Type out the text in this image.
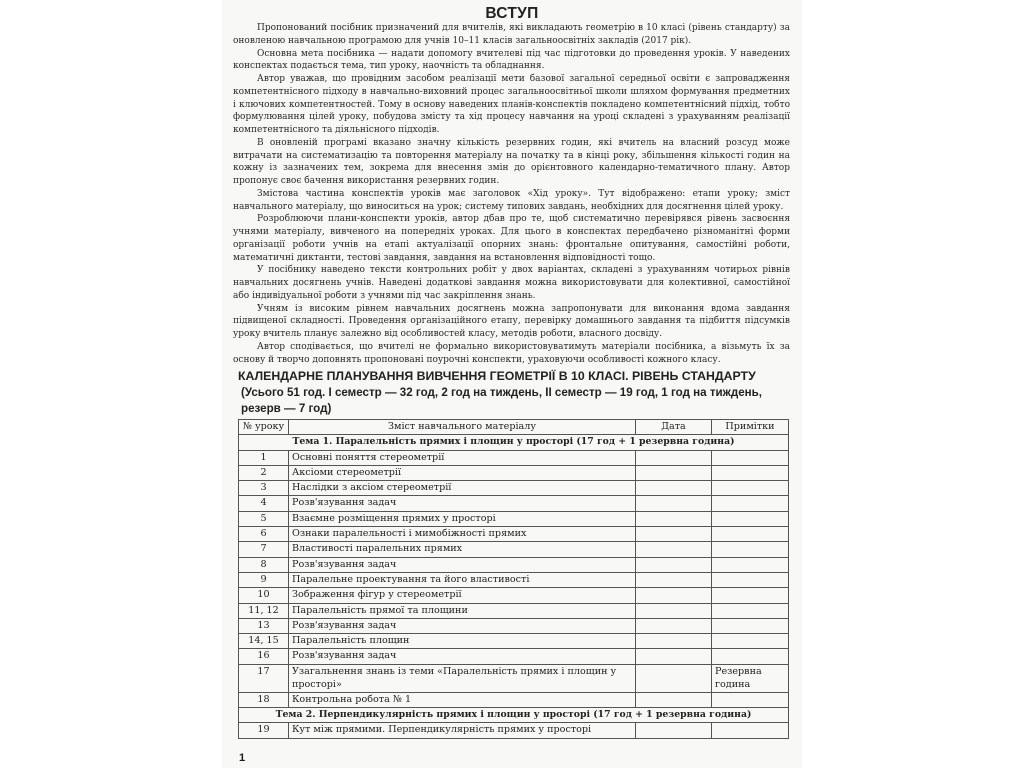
ВСТУП

Пропонований посібник призначений для вчителів, які викладають геометрію в 10 класі (рівень стандарту) за оновленою навчальною програмою для учнів 10–11 класів загальноосвітніх закладів (2017 рік).

Основна мета посібника — надати допомогу вчителеві під час підготовки до проведення уроків. У наведених конспектах подається тема, тип уроку, наочність та обладнання.

Автор уважав, що провідним засобом реалізації мети базової загальної середньої освіти є запровадження компетентнісного підходу в навчально-виховний процес загальноосвітньої школи шляхом формування предметних і ключових компетентностей. Тому в основу наведених планів-конспектів покладено компетентнісний підхід, тобто формулювання цілей уроку, побудова змісту та хід процесу навчання на уроці складені з урахуванням реалізації компетентнісного та діяльнісного підходів.

В оновленій програмі вказано значну кількість резервних годин, які вчитель на власний розсуд може витрачати на систематизацію та повторення матеріалу на початку та в кінці року, збільшення кількості годин на кожну із зазначених тем, зокрема для внесення змін до орієнтовного календарно-тематичного плану. Автор пропонує своє бачення використання резервних годин.

Змістова частина конспектів уроків має заголовок «Хід уроку». Тут відображено: етапи уроку; зміст навчального матеріалу, що виноситься на урок; систему типових завдань, необхідних для досягнення цілей уроку.

Розроблюючи плани-конспекти уроків, автор дбав про те, щоб систематично перевірявся рівень засвоєння учнями матеріалу, вивченого на попередніх уроках. Для цього в конспектах передбачено різноманітні форми організації роботи учнів на етапі актуалізації опорних знань: фронтальне опитування, самостійні роботи, математичні диктанти, тестові завдання, завдання на встановлення відповідності тощо.

У посібнику наведено тексти контрольних робіт у двох варіантах, складені з урахуванням чотирьох рівнів навчальних досягнень учнів. Наведені додаткові завдання можна використовувати для колективної, самостійної або індивідуальної роботи з учнями під час закріплення знань.

Учням із високим рівнем навчальних досягнень можна запропонувати для виконання вдома завдання підвищеної складності. Проведення організаційного етапу, перевірку домашнього завдання та підбиття підсумків уроку вчитель планує залежно від особливостей класу, методів роботи, власного досвіду.

Автор сподівається, що вчителі не формально використовуватимуть матеріали посібника, а візьмуть їх за основу й творчо доповнять пропоновані поурочні конспекти, ураховуючи особливості кожного класу.

КАЛЕНДАРНЕ ПЛАНУВАННЯ ВИВЧЕННЯ ГЕОМЕТРІЇ В 10 КЛАСІ. РІВЕНЬ СТАНДАРТУ
(Усього 51 год. І семестр — 32 год, 2 год на тиждень, ІІ семестр — 19 год, 1 год на тиждень,
резерв — 7 год)
№ уроку	Зміст навчального матеріалу	Дата	Примітки
Тема 1. Паралельність прямих і площин у просторі (17 год + 1 резервна година)			
1	Основні поняття стереометрії		
2	Аксіоми стереометрії		
3	Наслідки з аксіом стереометрії		
4	Розв'язування задач		
5	Взаємне розміщення прямих у просторі		
6	Ознаки паралельності і мимобіжності прямих		
7	Властивості паралельних прямих		
8	Розв'язування задач		
9	Паралельне проектування та його властивості		
10	Зображення фігур у стереометрії		
11, 12	Паралельність прямої та площини		
13	Розв'язування задач		
14, 15	Паралельність площин		
16	Розв'язування задач		
17	Узагальнення знань із теми «Паралельність прямих і площин у просторі»		Резервна година
18	Контрольна робота № 1		
Тема 2. Перпендикулярність прямих і площин у просторі (17 год + 1 резервна година)			
19	Кут між прямими. Перпендикулярність прямих у просторі		
1
